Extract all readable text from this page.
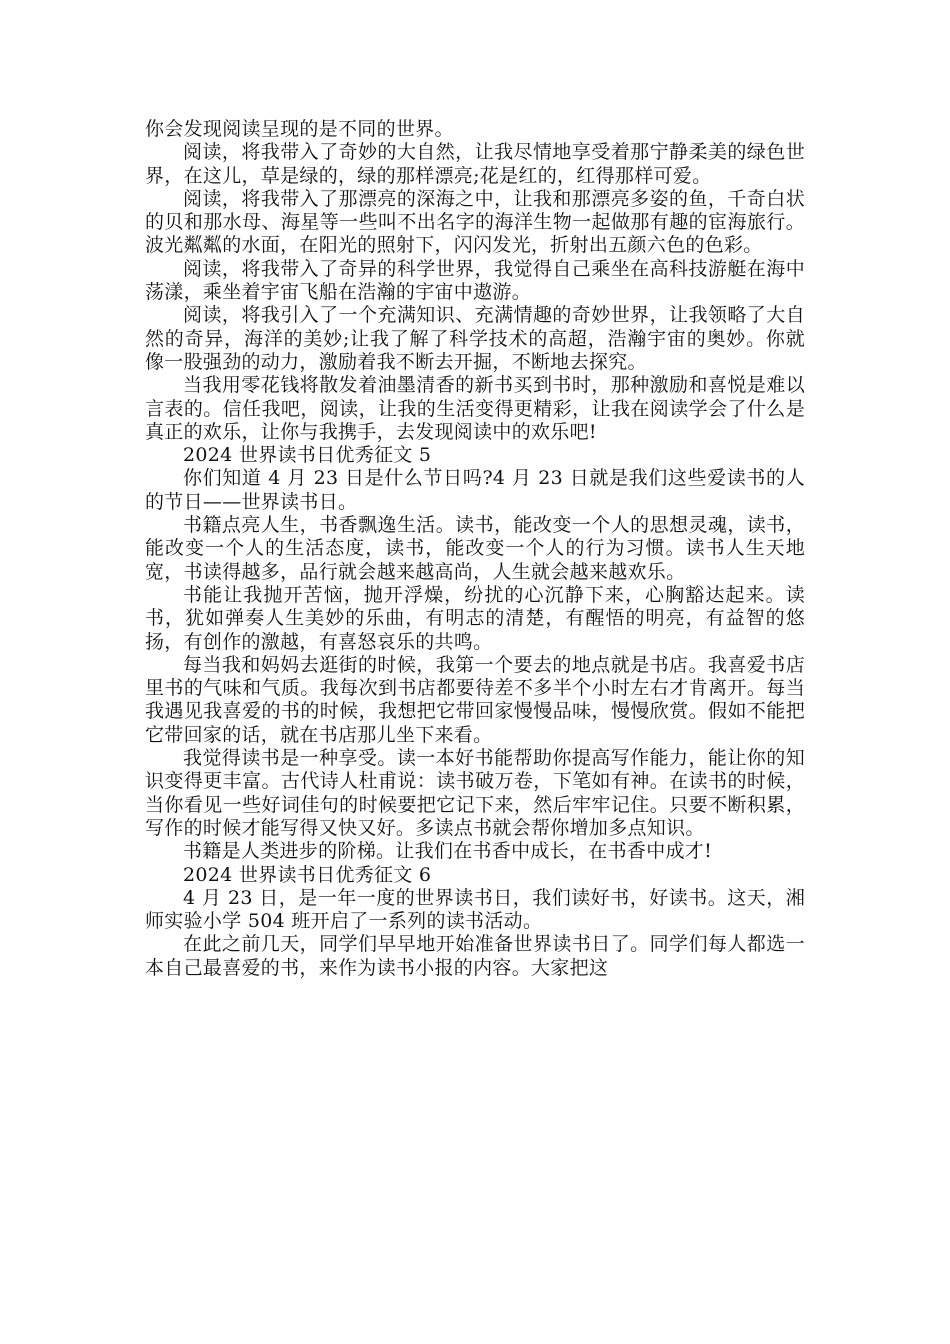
你会发现阅读呈现的是不同的世界。

阅读，将我带入了奇妙的大自然，让我尽情地享受着那宁静柔美的绿色世界，在这儿，草是绿的，绿的那样漂亮;花是红的，红得那样可爱。

阅读，将我带入了那漂亮的深海之中，让我和那漂亮多姿的鱼，千奇白状的贝和那水母、海星等一些叫不出名字的海洋生物一起做那有趣的宦海旅行。波光粼粼的水面，在阳光的照射下，闪闪发光，折射出五颜六色的色彩。

阅读，将我带入了奇异的科学世界，我觉得自己乘坐在高科技游艇在海中荡漾，乘坐着宇宙飞船在浩瀚的宇宙中遨游。

阅读，将我引入了一个充满知识、充满情趣的奇妙世界，让我领略了大自然的奇异，海洋的美妙;让我了解了科学技术的高超，浩瀚宇宙的奥妙。你就像一股强劲的动力，激励着我不断去开掘，不断地去探究。

当我用零花钱将散发着油墨清香的新书买到书时，那种激励和喜悦是难以言表的。信任我吧，阅读，让我的生活变得更精彩，让我在阅读学会了什么是真正的欢乐，让你与我携手，去发现阅读中的欢乐吧!

2024 世界读书日优秀征文 5

你们知道 4 月 23 日是什么节日吗?4 月 23 日就是我们这些爱读书的人的节日——世界读书日。

书籍点亮人生，书香飘逸生活。读书，能改变一个人的思想灵魂，读书，能改变一个人的生活态度，读书，能改变一个人的行为习惯。读书人生天地宽，书读得越多，品行就会越来越高尚，人生就会越来越欢乐。

书能让我抛开苦恼，抛开浮燥，纷扰的心沉静下来，心胸豁达起来。读书，犹如弹奏人生美妙的乐曲，有明志的清楚，有醒悟的明亮，有益智的悠扬，有创作的激越，有喜怒哀乐的共鸣。

每当我和妈妈去逛街的时候，我第一个要去的地点就是书店。我喜爱书店里书的气味和气质。我每次到书店都要待差不多半个小时左右才肯离开。每当我遇见我喜爱的书的时候，我想把它带回家慢慢品味，慢慢欣赏。假如不能把它带回家的话，就在书店那儿坐下来看。

我觉得读书是一种享受。读一本好书能帮助你提高写作能力，能让你的知识变得更丰富。古代诗人杜甫说：读书破万卷，下笔如有神。在读书的时候，当你看见一些好词佳句的时候要把它记下来，然后牢牢记住。只要不断积累，写作的时候才能写得又快又好。多读点书就会帮你增加多点知识。

书籍是人类进步的阶梯。让我们在书香中成长，在书香中成才!

2024 世界读书日优秀征文 6

4 月 23 日，是一年一度的世界读书日，我们读好书，好读书。这天，湘师实验小学 504 班开启了一系列的读书活动。

在此之前几天，同学们早早地开始准备世界读书日了。同学们每人都选一本自己最喜爱的书，来作为读书小报的内容。大家把这
